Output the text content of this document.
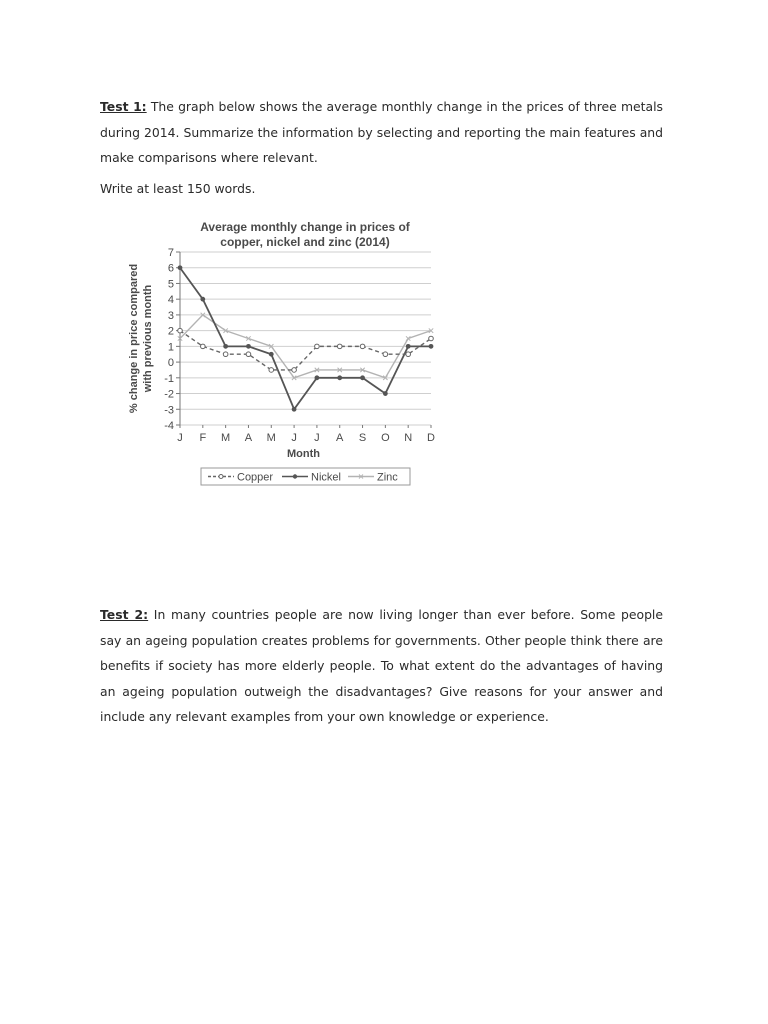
Test 1: The graph below shows the average monthly change in the prices of three metals during 2014. Summarize the information by selecting and reporting the main features and make comparisons where relevant.

Write at least 150 words.

Average monthly change in prices of
copper, nickel and zinc (2014)
-4
-3
-2
-1
0
1
2
3
4
5
6
7
% change in price compared with previous month
J F M A M J J A S O N D
Month
Copper	Nickel	Zinc

Test 2: In many countries people are now living longer than ever before. Some people say an ageing population creates problems for governments. Other people think there are benefits if society has more elderly people. To what extent do the advantages of having an ageing population outweigh the disadvantages? Give reasons for your answer and include any relevant examples from your own knowledge or experience.
